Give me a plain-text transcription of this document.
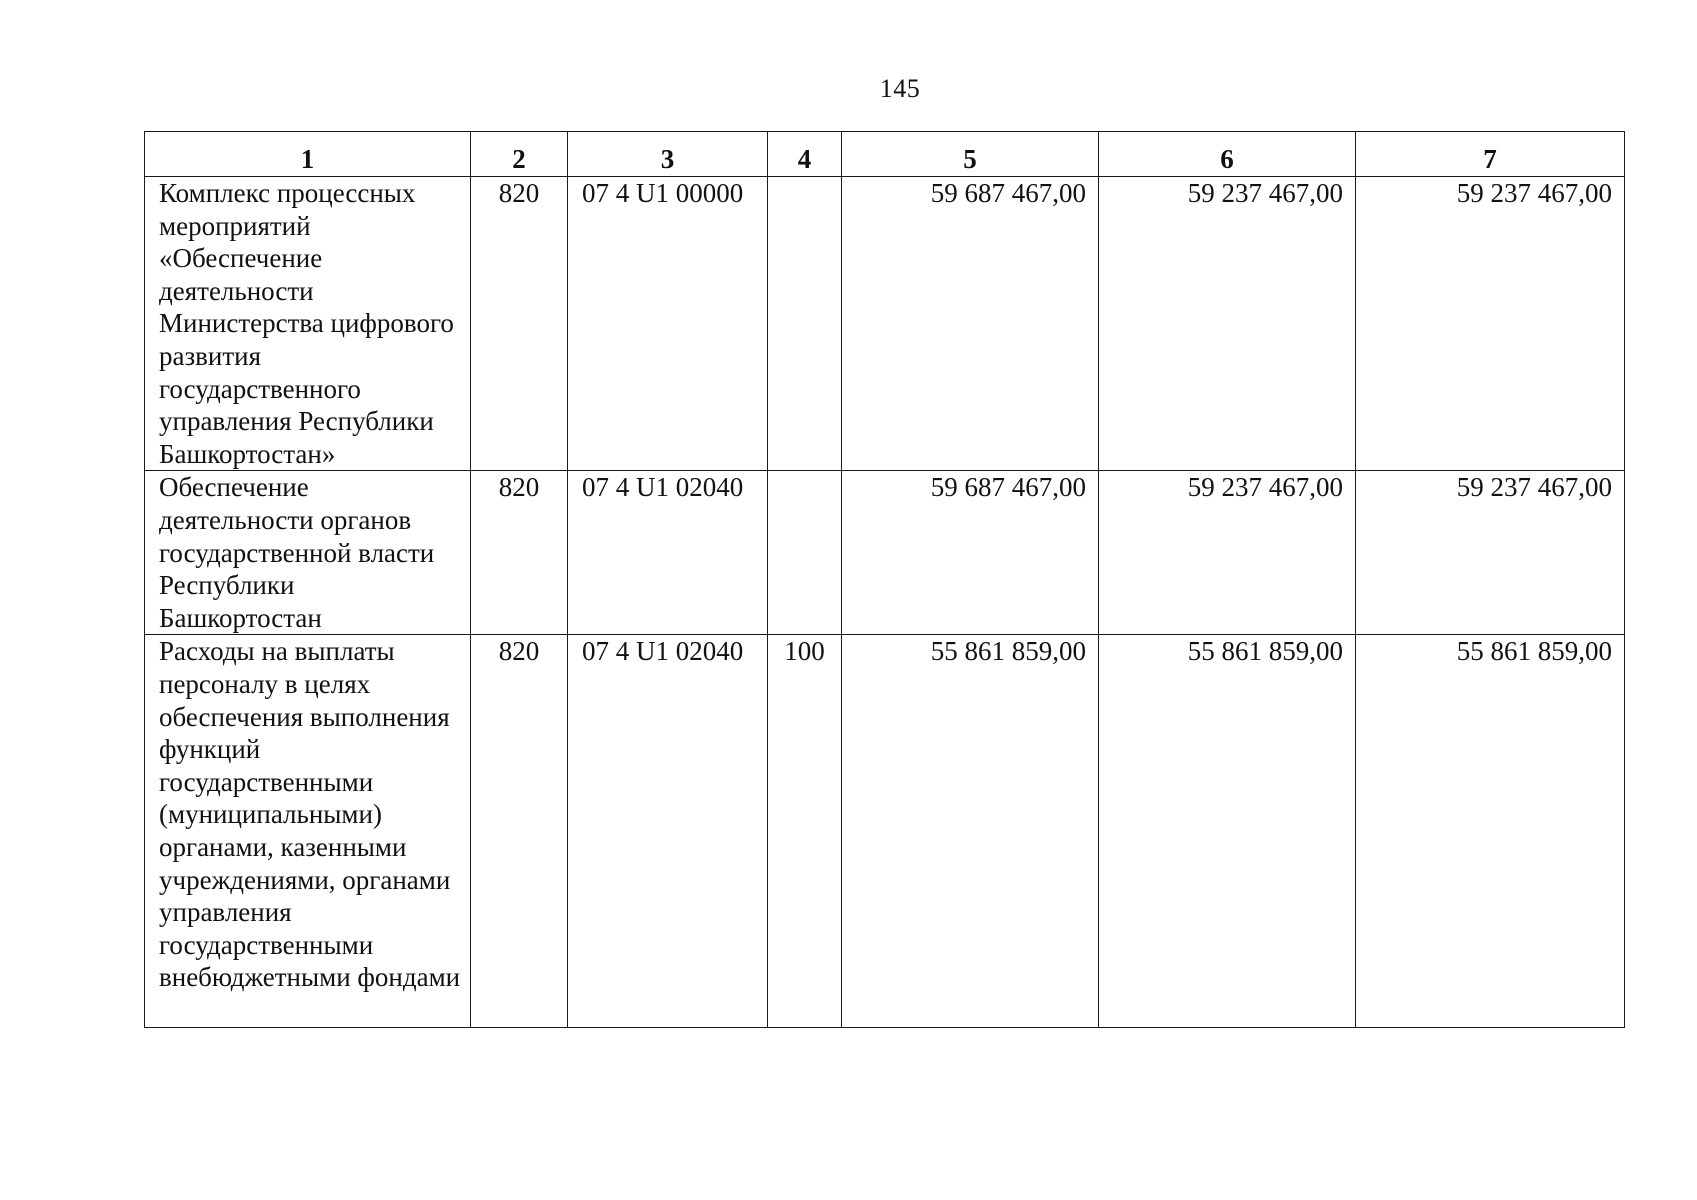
145
1	2	3	4	5	6	7
Комплекс процессных мероприятий «Обеспечение деятельности Министерства цифрового развития государственного управления Республики Башкортостан»	820	07 4 U1 00000		59 687 467,00	59 237 467,00	59 237 467,00
Обеспечение деятельности органов государственной власти Республики Башкортостан	820	07 4 U1 02040		59 687 467,00	59 237 467,00	59 237 467,00
Расходы на выплаты персоналу в целях обеспечения выполнения функций государственными (муниципальными) органами, казенными учреждениями, органами управления государственными внебюджетными фондами	820	07 4 U1 02040	100	55 861 859,00	55 861 859,00	55 861 859,00
